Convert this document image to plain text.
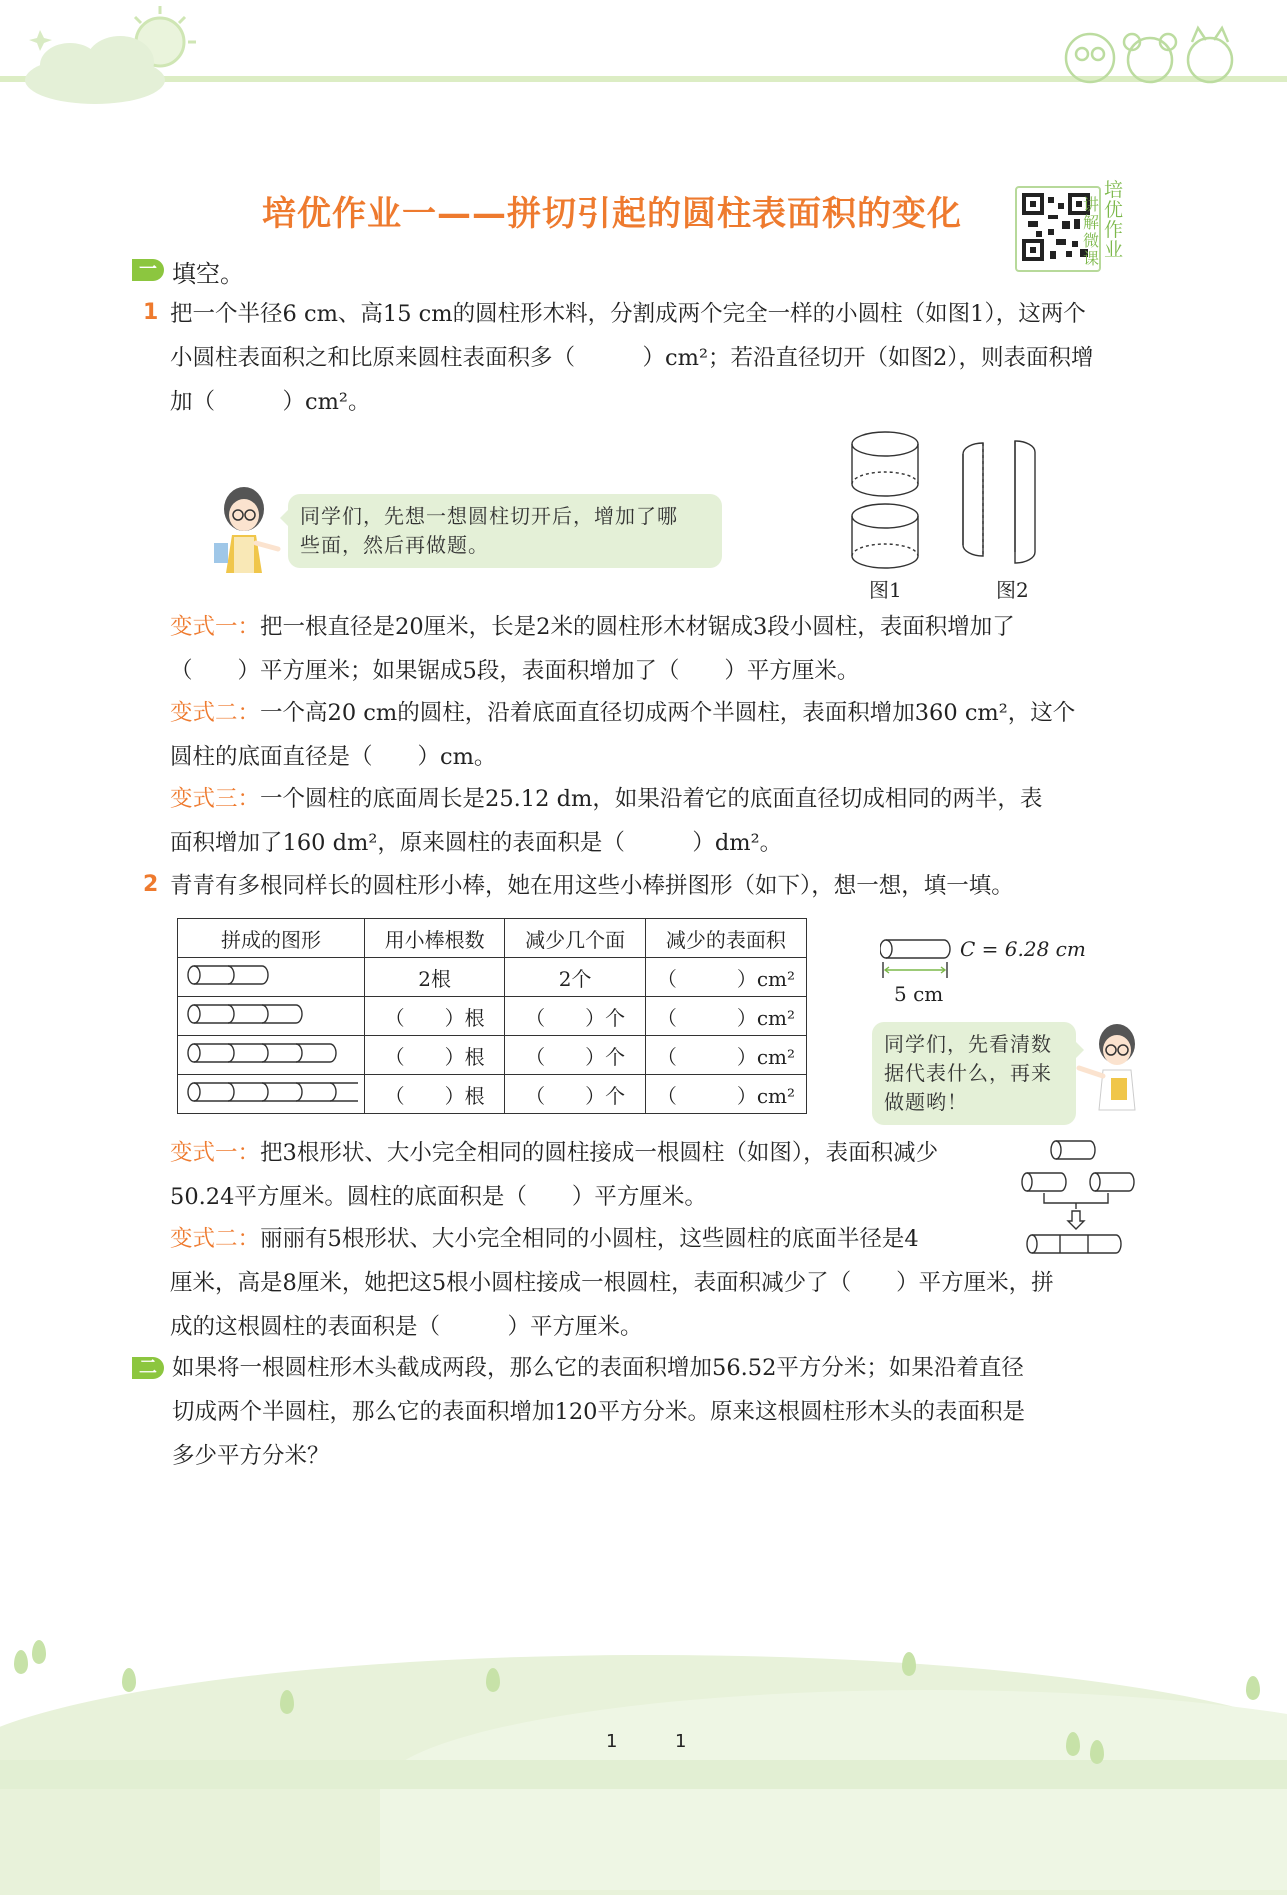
培优作业一——拼切引起的圆柱表面积的变化
培
优
作
业
讲
解
微
课
一 填空。
1 把一个半径6 cm、高15 cm的圆柱形木料，分割成两个完全一样的小圆柱（如图1），这两个
小圆柱表面积之和比原来圆柱表面积多（　　　）cm²；若沿直径切开（如图2），则表面积增
加（　　　）cm²。
同学们，先想一想圆柱切开后，增加了哪
些面，然后再做题。
图1	图2
变式一：把一根直径是20厘米，长是2米的圆柱形木材锯成3段小圆柱，表面积增加了
（　　）平方厘米；如果锯成5段，表面积增加了（　　）平方厘米。
变式二：一个高20 cm的圆柱，沿着底面直径切成两个半圆柱，表面积增加360 cm²，这个
圆柱的底面直径是（　　）cm。
变式三：一个圆柱的底面周长是25.12 dm，如果沿着它的底面直径切成相同的两半，表
面积增加了160 dm²，原来圆柱的表面积是（　　　）dm²。
2 青青有多根同样长的圆柱形小棒，她在用这些小棒拼图形（如下），想一想，填一填。
拼成的图形	用小棒根数	减少几个面	减少的表面积
	2根	2个	（　　　）cm²
	（　　）根	（　　）个	（　　　）cm²
	（　　）根	（　　）个	（　　　）cm²
	（　　）根	（　　）个	（　　　）cm²
C = 6.28 cm
5 cm
同学们，先看清数
据代表什么，再来
做题哟！
变式一：把3根形状、大小完全相同的圆柱接成一根圆柱（如图），表面积减少
50.24平方厘米。圆柱的底面积是（　　）平方厘米。
变式二：丽丽有5根形状、大小完全相同的小圆柱，这些圆柱的底面半径是4
厘米，高是8厘米，她把这5根小圆柱接成一根圆柱，表面积减少了（　　）平方厘米，拼
成的这根圆柱的表面积是（　　　）平方厘米。
二 如果将一根圆柱形木头截成两段，那么它的表面积增加56.52平方分米；如果沿着直径
切成两个半圆柱，那么它的表面积增加120平方分米。原来这根圆柱形木头的表面积是
多少平方分米？
1	1
